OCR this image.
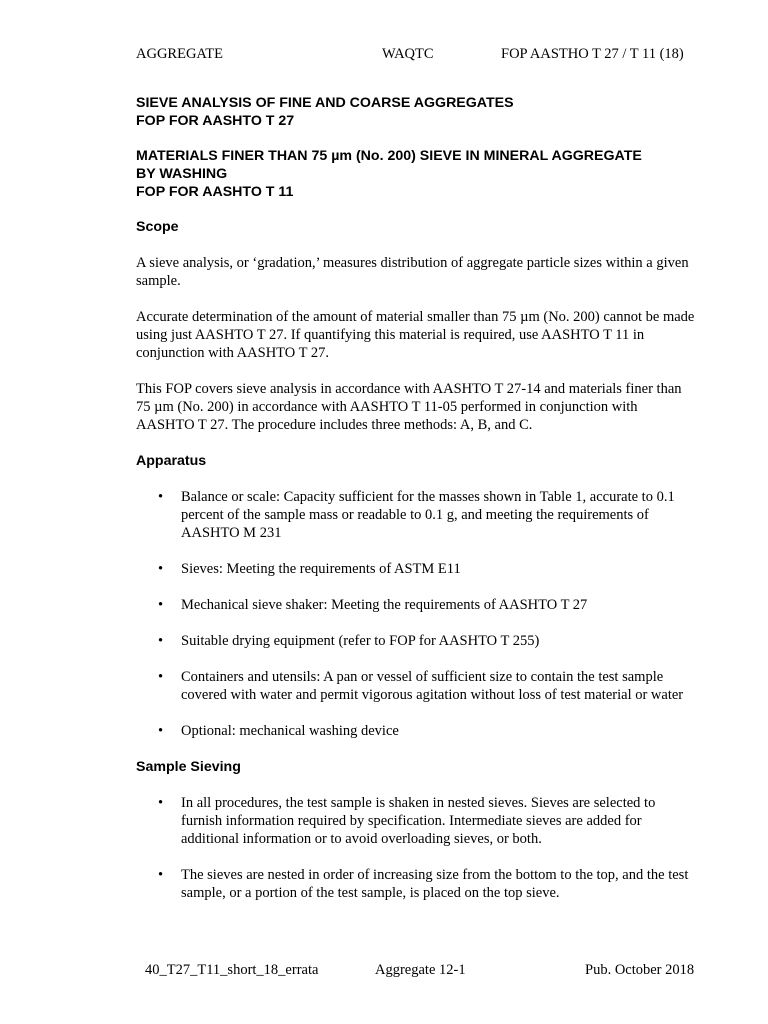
AGGREGATE	WAQTC	FOP AASTHO T 27 / T 11 (18)
SIEVE ANALYSIS OF FINE AND COARSE AGGREGATES
FOP FOR AASHTO T 27
MATERIALS FINER THAN 75 µm (No. 200) SIEVE IN MINERAL AGGREGATE
BY WASHING
FOP FOR AASHTO T 11
Scope

A sieve analysis, or ‘gradation,’ measures distribution of aggregate particle sizes within a given sample.

Accurate determination of the amount of material smaller than 75 µm (No. 200) cannot be made using just AASHTO T 27. If quantifying this material is required, use AASHTO T 11 in conjunction with AASHTO T 27.

This FOP covers sieve analysis in accordance with AASHTO T 27-14 and materials finer than 75 µm (No. 200) in accordance with AASHTO T 11-05 performed in conjunction with AASHTO T 27. The procedure includes three methods: A, B, and C.

Apparatus
• Balance or scale: Capacity sufficient for the masses shown in Table 1, accurate to 0.1 percent of the sample mass or readable to 0.1 g, and meeting the requirements of AASHTO M 231
• Sieves: Meeting the requirements of ASTM E11
• Mechanical sieve shaker: Meeting the requirements of AASHTO T 27
• Suitable drying equipment (refer to FOP for AASHTO T 255)
• Containers and utensils: A pan or vessel of sufficient size to contain the test sample covered with water and permit vigorous agitation without loss of test material or water
• Optional: mechanical washing device
Sample Sieving
• In all procedures, the test sample is shaken in nested sieves. Sieves are selected to furnish information required by specification. Intermediate sieves are added for additional information or to avoid overloading sieves, or both.
• The sieves are nested in order of increasing size from the bottom to the top, and the test sample, or a portion of the test sample, is placed on the top sieve.
40_T27_T11_short_18_errata	Aggregate 12-1	Pub. October 2018
